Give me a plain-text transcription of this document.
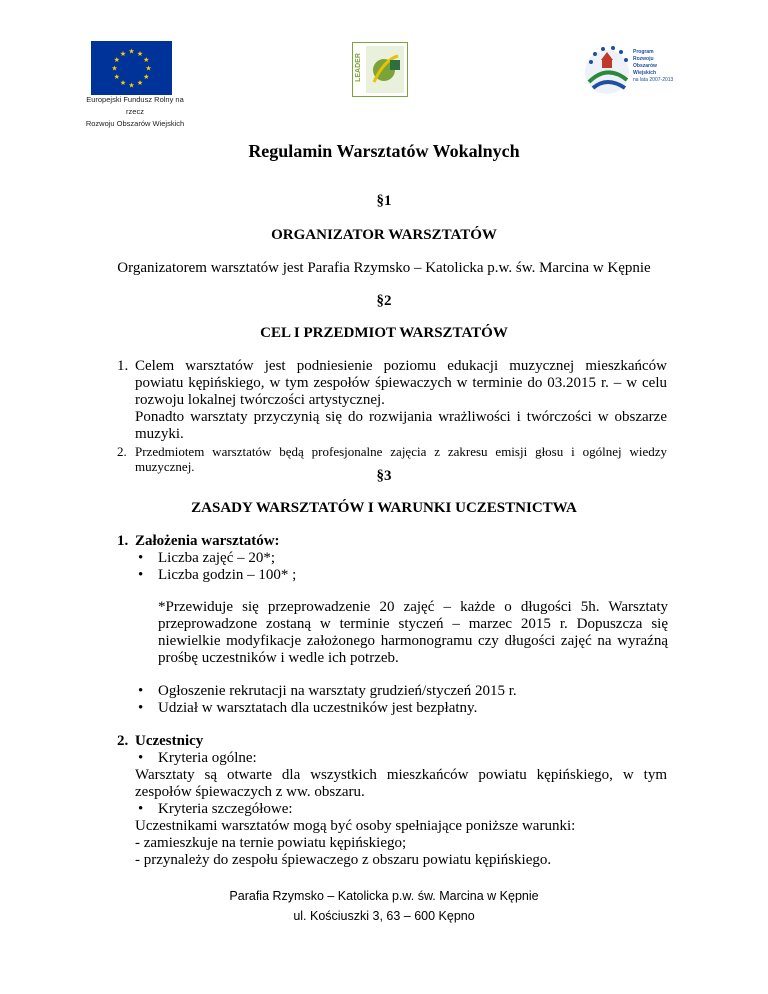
★ ★
★
★
★
★
★
★
★
★
★
★
Europejski Fundusz Rolny na rzecz
Rozwoju Obszarów Wiejskich
LEADER
Program
Rozwoju
Obszarów
Wiejskich
na lata 2007-2013
Regulamin Warsztatów Wokalnych
§1
ORGANIZATOR WARSZTATÓW
Organizatorem warsztatów jest Parafia Rzymsko – Katolicka p.w. św. Marcina w Kępnie
§2
CEL I PRZEDMIOT WARSZTATÓW
1. Celem warsztatów jest podniesienie poziomu edukacji muzycznej mieszkańców
powiatu kępińskiego, w tym zespołów śpiewaczych w terminie do 03.2015 r. – w celu
rozwoju lokalnej twórczości artystycznej.
Ponadto warsztaty przyczynią się do rozwijania wrażliwości i twórczości w obszarze
muzyki.
2. Przedmiotem warsztatów będą profesjonalne zajęcia z zakresu emisji głosu i ogólnej wiedzy
muzycznej.
§3
ZASADY WARSZTATÓW I WARUNKI UCZESTNICTWA
1. Założenia warsztatów:
• Liczba zajęć – 20*;
• Liczba godzin – 100* ;
*Przewiduje się przeprowadzenie 20 zajęć – każde o długości 5h. Warsztaty
przeprowadzone zostaną w terminie styczeń – marzec 2015 r. Dopuszcza się
niewielkie modyfikacje założonego harmonogramu czy długości zajęć na wyraźną
prośbę uczestników i wedle ich potrzeb.
• Ogłoszenie rekrutacji na warsztaty grudzień/styczeń 2015 r.
• Udział w warsztatach dla uczestników jest bezpłatny.
2. Uczestnicy
• Kryteria ogólne:
Warsztaty są otwarte dla wszystkich mieszkańców powiatu kępińskiego, w tym
zespołów śpiewaczych z ww. obszaru.
• Kryteria szczegółowe:
Uczestnikami warsztatów mogą być osoby spełniające poniższe warunki:
- zamieszkuje na ternie powiatu kępińskiego;
- przynależy do zespołu śpiewaczego z obszaru powiatu kępińskiego.
Parafia Rzymsko – Katolicka p.w. św. Marcina w Kępnie
ul. Kościuszki 3, 63 – 600 Kępno
